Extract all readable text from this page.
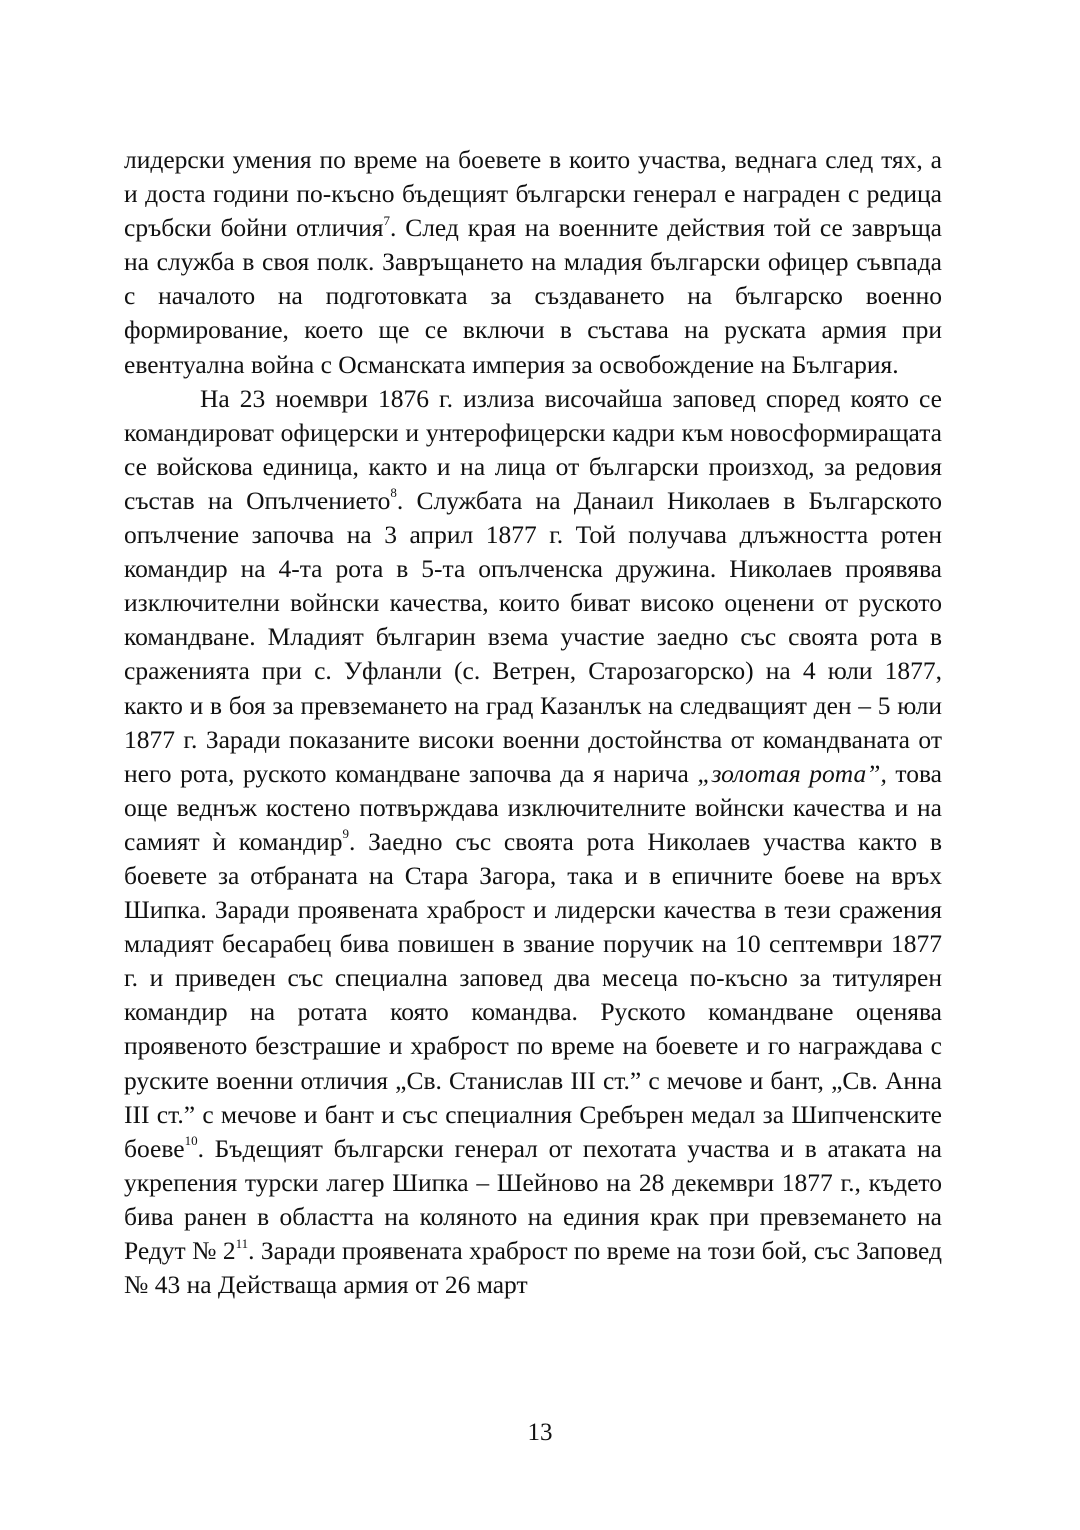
лидерски умения по време на боевете в които участва, веднага след тях, а и доста години по-късно бъдещият български генерал е награден с редица сръбски бойни отличия$^7$. След края на военните действия той се завръща на служба в своя полк. Завръщането на младия български офицер съвпада с началото на подготовката за създаването на българско военно формирование, което ще се включи в състава на руската армия при евентуална война с Османската империя за освобождение на България.

На 23 ноември 1876 г. излиза височайша заповед според която се командироват офицерски и унтерофицерски кадри към новосформиращата се войскова единица, както и на лица от български произход, за редовия състав на Опълчението$^8$. Службата на Данаил Николаев в Българското опълчение започва на 3 април 1877 г. Той получава длъжността ротен командир на 4-та рота в 5-та опълченска дружина. Николаев проявява изключителни войнски качества, които биват високо оценени от руското командване. Младият българин взема участие заедно със своята рота в сраженията при с. Уфланли (с. Ветрен, Старозагорско) на 4 юли 1877, както и в боя за превземането на град Казанлък на следващият ден – 5 юли 1877 г. Заради показаните високи военни достойнства от командваната от него рота, руското командване започва да я нарича „золотая рота”, това още веднъж костено потвърждава изключителните войнски качества и на самият ѝ командир$^9$. Заедно със своята рота Николаев участва както в боевете за отбраната на Стара Загора, така и в епичните боеве на връх Шипка. Заради проявената храброст и лидерски качества в тези сражения младият бесарабец бива повишен в звание поручик на 10 септември 1877 г. и приведен със специална заповед два месеца по-късно за титулярен командир на ротата която командва. Руското командване оценява проявеното безстрашие и храброст по време на боевете и го награждава с руските военни отличия „Св. Станислав III ст.” с мечове и бант, „Св. Анна III ст.” с мечове и бант и със специалния Сребърен медал за Шипченските боеве$^{10}$. Бъдещият български генерал от пехотата участва и в атаката на укрепения турски лагер Шипка – Шейново на 28 декември 1877 г., където бива ранен в областта на коляното на единия крак при превземането на Редут № $2^{11}$. Заради проявената храброст по време на този бой, със Заповед № 43 на Действаща армия от 26 март

13
